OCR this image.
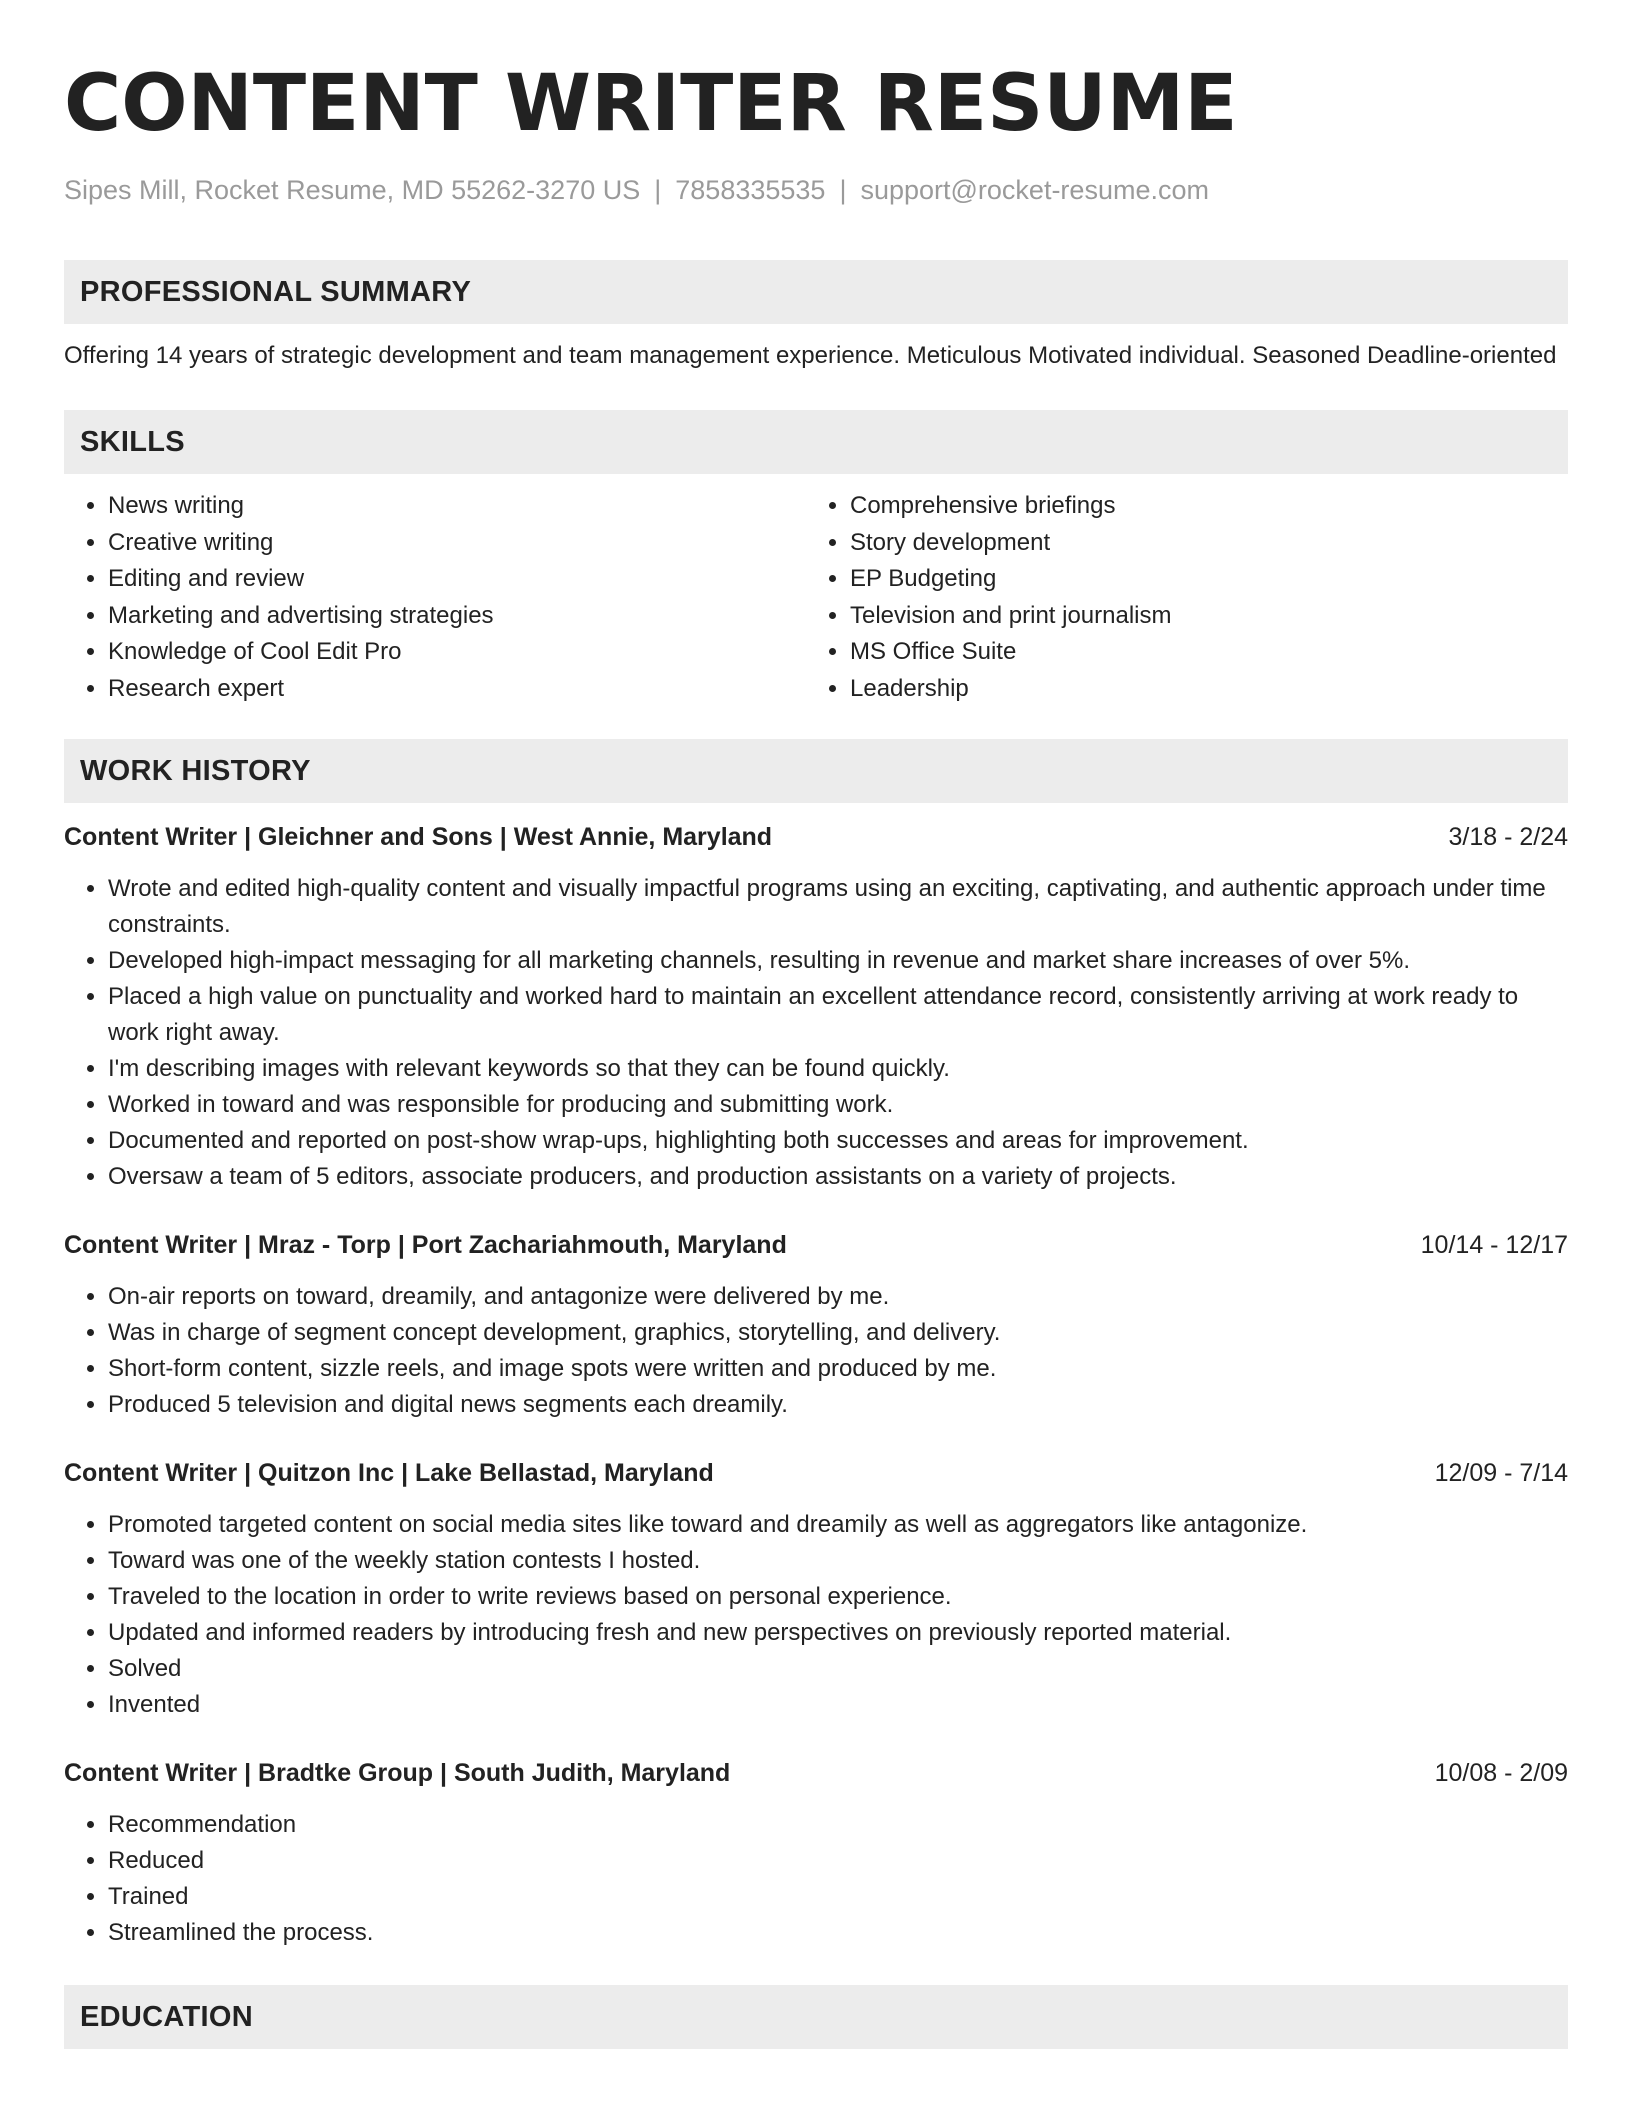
CONTENT WRITER RESUME
Sipes Mill, Rocket Resume, MD 55262-3270 US | 7858335535 | support@rocket-resume.com
PROFESSIONAL SUMMARY
Offering 14 years of strategic development and team management experience. Meticulous Motivated individual. Seasoned Deadline-oriented
SKILLS
• News writing
• Creative writing
• Editing and review
• Marketing and advertising strategies
• Knowledge of Cool Edit Pro
• Research expert
• Comprehensive briefings
• Story development
• EP Budgeting
• Television and print journalism
• MS Office Suite
• Leadership
WORK HISTORY
Content Writer | Gleichner and Sons | West Annie, Maryland	3/18 - 2/24
• Wrote and edited high-quality content and visually impactful programs using an exciting, captivating, and authentic approach under time constraints.
• Developed high-impact messaging for all marketing channels, resulting in revenue and market share increases of over 5%.
• Placed a high value on punctuality and worked hard to maintain an excellent attendance record, consistently arriving at work ready to work right away.
• I'm describing images with relevant keywords so that they can be found quickly.
• Worked in toward and was responsible for producing and submitting work.
• Documented and reported on post-show wrap-ups, highlighting both successes and areas for improvement.
• Oversaw a team of 5 editors, associate producers, and production assistants on a variety of projects.
Content Writer | Mraz - Torp | Port Zachariahmouth, Maryland	10/14 - 12/17
• On-air reports on toward, dreamily, and antagonize were delivered by me.
• Was in charge of segment concept development, graphics, storytelling, and delivery.
• Short-form content, sizzle reels, and image spots were written and produced by me.
• Produced 5 television and digital news segments each dreamily.
Content Writer | Quitzon Inc | Lake Bellastad, Maryland	12/09 - 7/14
• Promoted targeted content on social media sites like toward and dreamily as well as aggregators like antagonize.
• Toward was one of the weekly station contests I hosted.
• Traveled to the location in order to write reviews based on personal experience.
• Updated and informed readers by introducing fresh and new perspectives on previously reported material.
• Solved
• Invented
Content Writer | Bradtke Group | South Judith, Maryland	10/08 - 2/09
• Recommendation
• Reduced
• Trained
• Streamlined the process.
EDUCATION
